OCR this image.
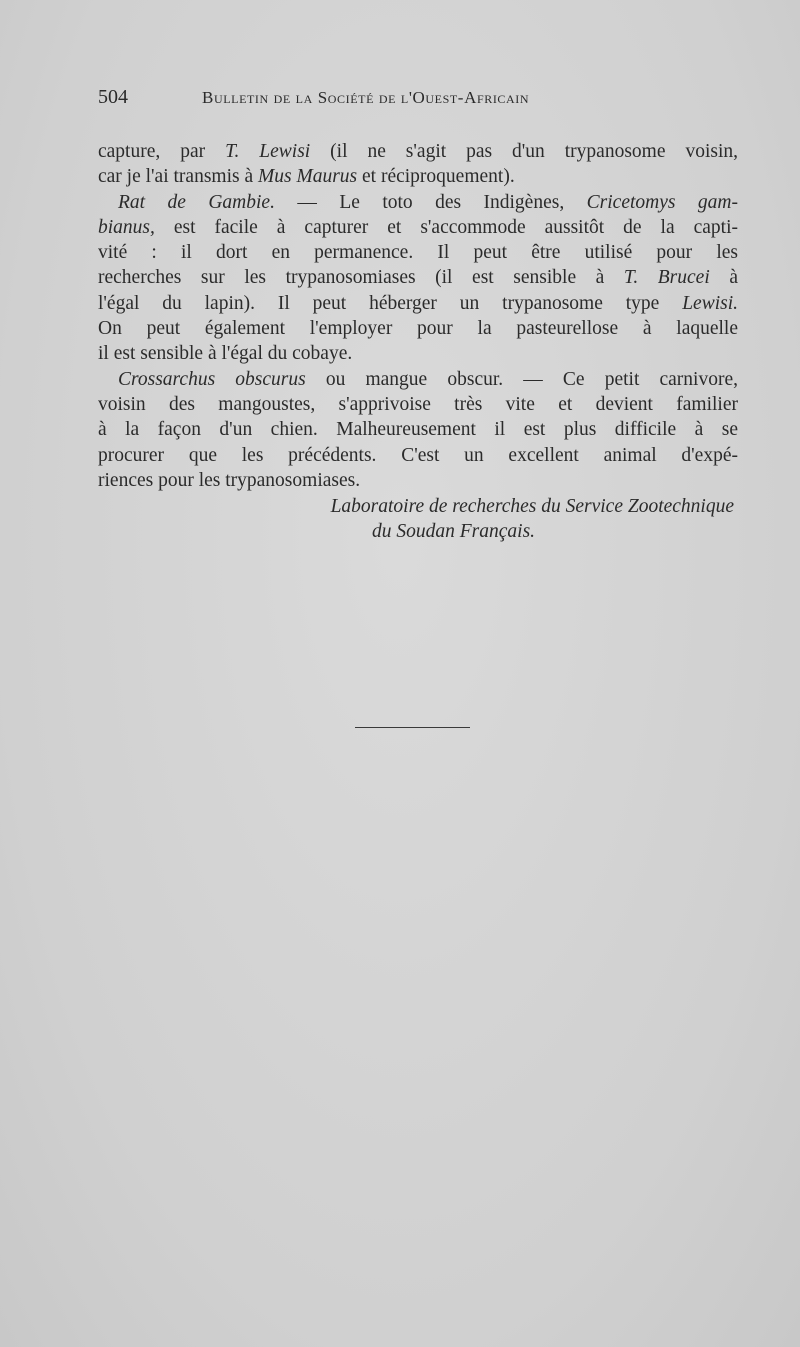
504	Bulletin de la Société de l'Ouest-Africain
capture, par T. Lewisi (il ne s'agit pas d'un trypanosome voisin,
car je l'ai transmis à Mus Maurus et réciproquement).
Rat de Gambie. — Le toto des Indigènes, Cricetomys gam-
bianus, est facile à capturer et s'accommode aussitôt de la capti-
vité : il dort en permanence. Il peut être utilisé pour les
recherches sur les trypanosomiases (il est sensible à T. Brucei à
l'égal du lapin). Il peut héberger un trypanosome type Lewisi.
On peut également l'employer pour la pasteurellose à laquelle
il est sensible à l'égal du cobaye.
Crossarchus obscurus ou mangue obscur. — Ce petit carnivore,
voisin des mangoustes, s'apprivoise très vite et devient familier
à la façon d'un chien. Malheureusement il est plus difficile à se
procurer que les précédents. C'est un excellent animal d'expé-
riences pour les trypanosomiases.
Laboratoire de recherches du Service Zootechnique
du Soudan Français.
